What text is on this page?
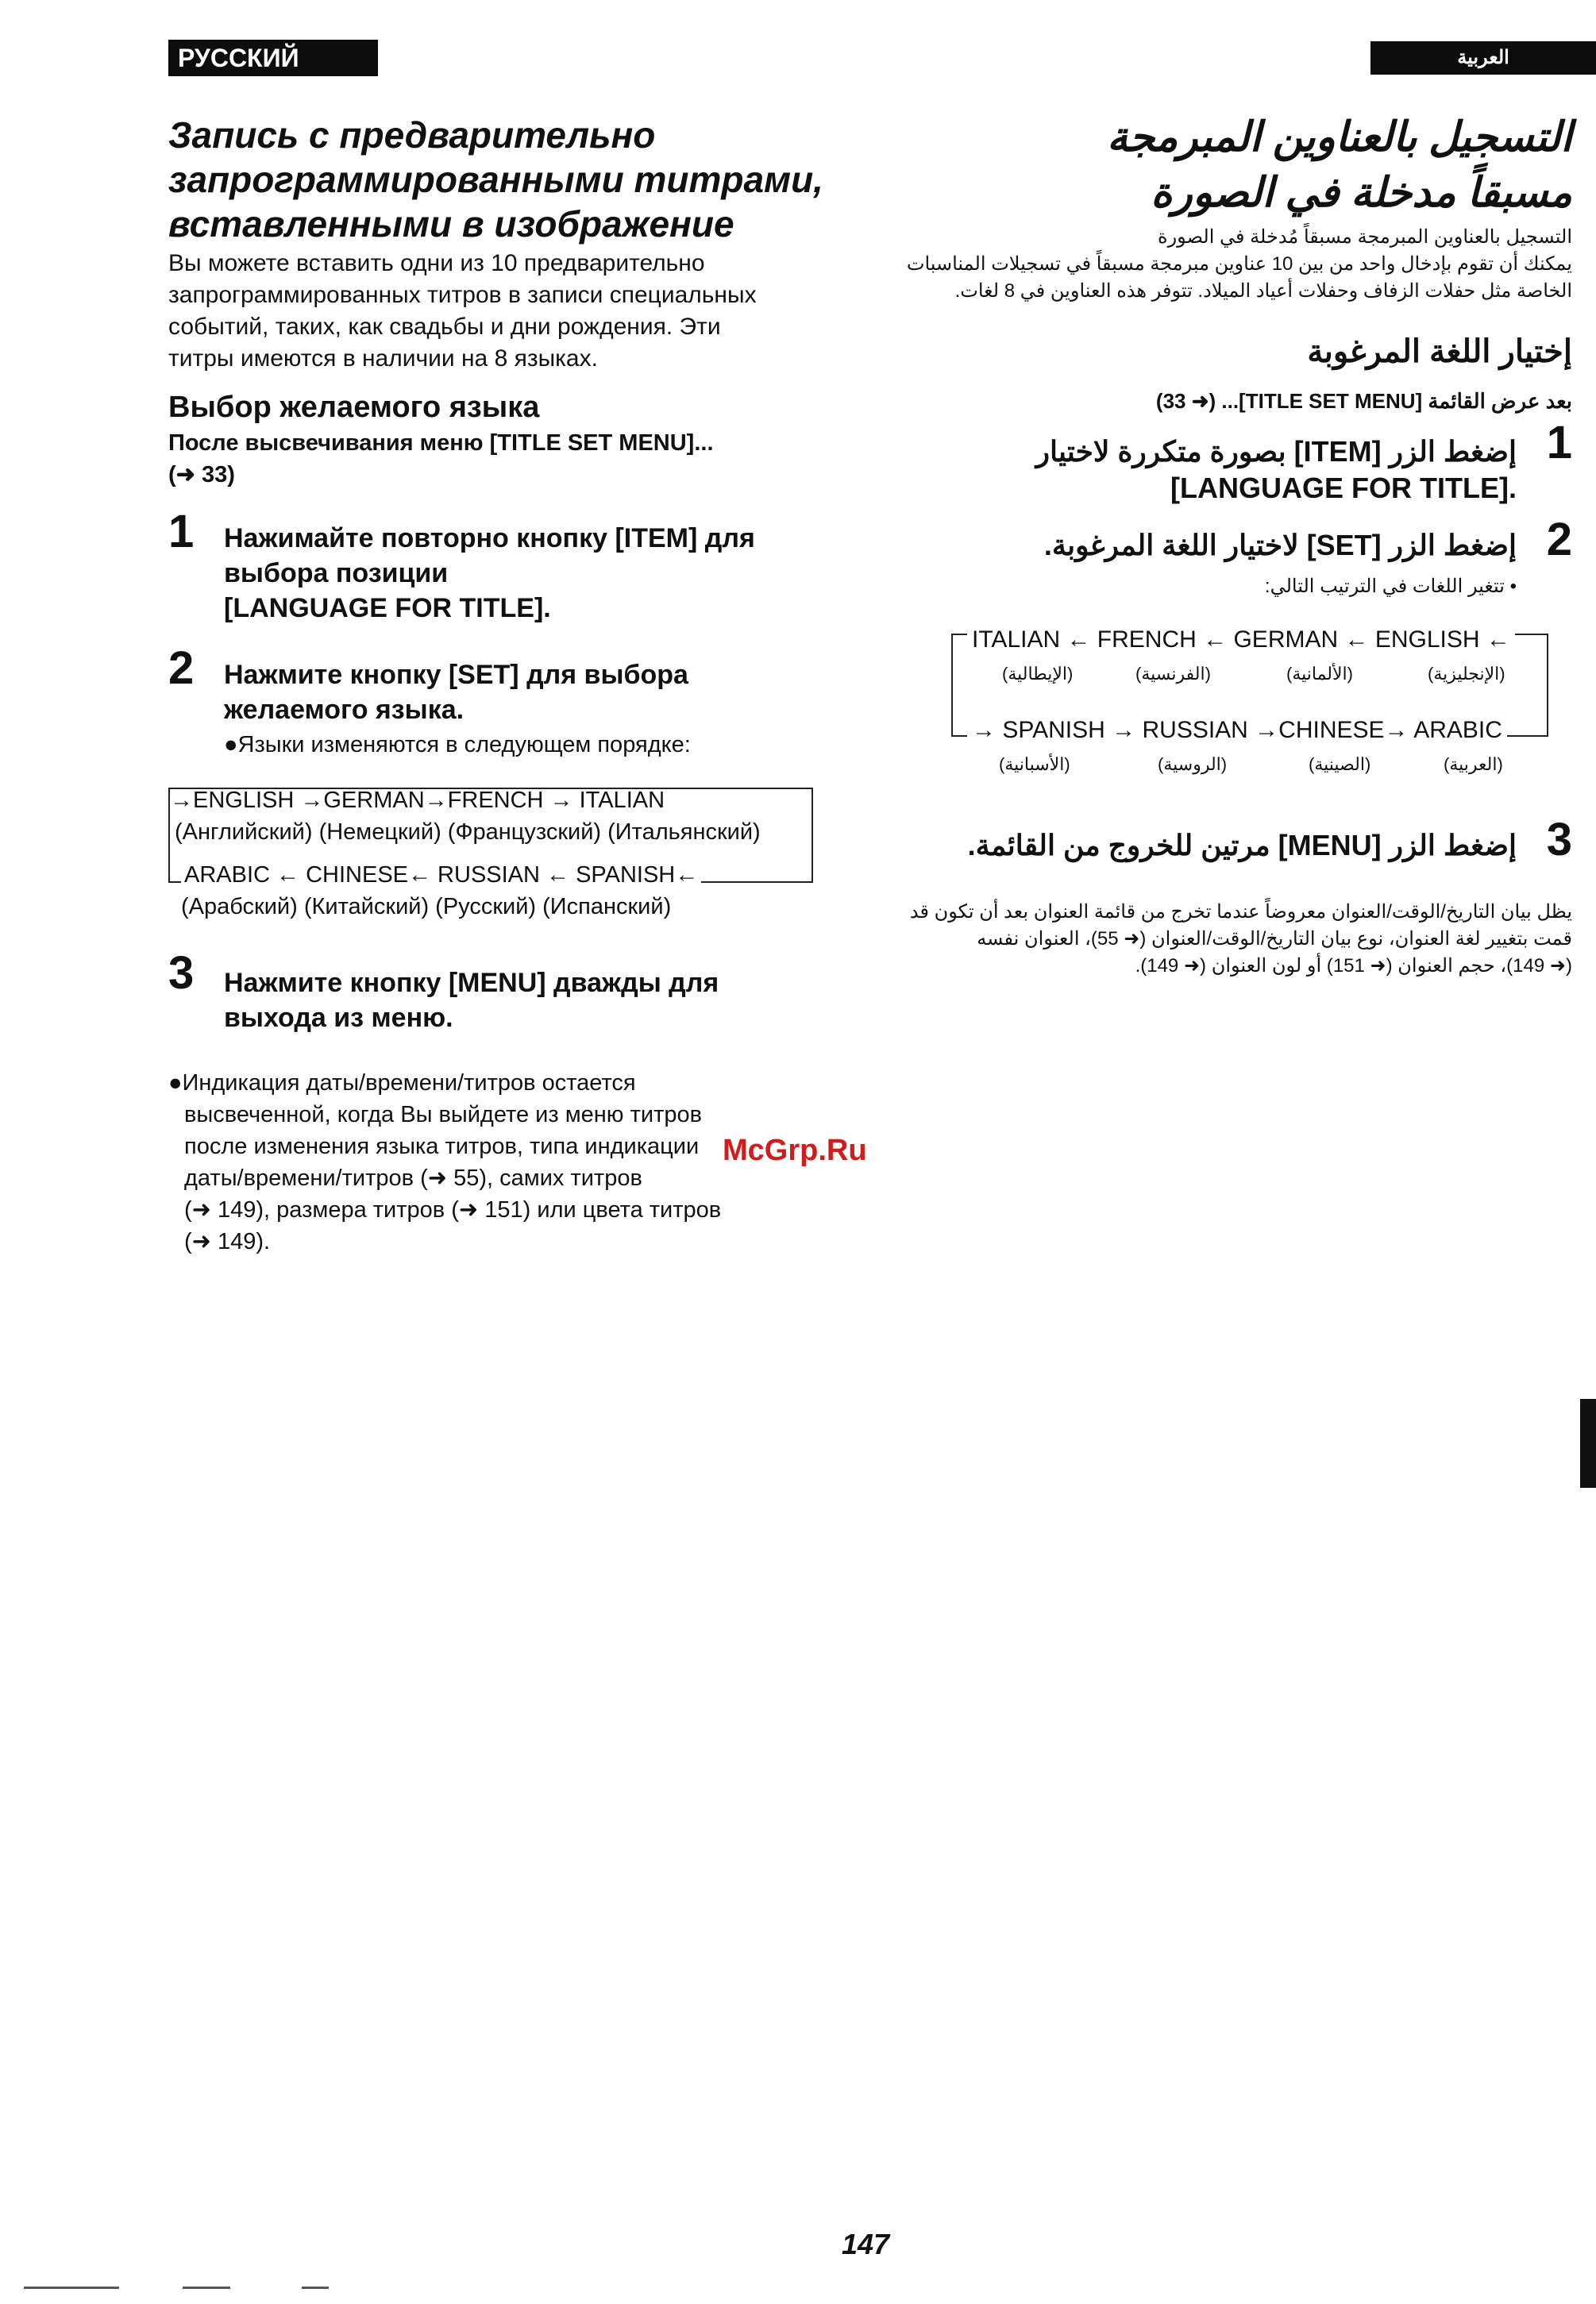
РУССКИЙ ЯЗЫК
Запись с предварительно
запрограммированными титрами,
вставленными в изображение
Вы можете вставить одни из 10 предварительно
запрограммированных титров в записи специальных
событий, таких, как свадьбы и дни рождения. Эти
титры имеются в наличии на 8 языках.
Выбор желаемого языка
После высвечивания меню [TITLE SET MENU]...
(➜ 33)
1 Нажимайте повторно кнопку [ITEM] для
выбора позиции
[LANGUAGE FOR TITLE].
2 Нажмите кнопку [SET] для выбора
желаемого языка.
●Языки изменяются в следующем порядке:
→ENGLISH →GERMAN→FRENCH → ITALIAN
(Английский) (Немецкий) (Французский) (Итальянский)
ARABIC ← CHINESE← RUSSIAN ← SPANISH←
(Арабский) (Китайский) (Русский) (Испанский)
3 Нажмите кнопку [MENU] дважды для
выхода из меню.
●Индикация даты/времени/титров остается
высвеченной, когда Вы выйдете из меню титров
после изменения языка титров, типа индикации
даты/времени/титров (➜ 55), самих титров
(➜ 149), размера титров (➜ 151) или цвета титров
(➜ 149).
العربية
التسجيل بالعناوين المبرمجة
مسبقاً مدخلة في الصورة
التسجيل بالعناوين المبرمجة مسبقاً مُدخلة في الصورة
يمكنك أن تقوم بإدخال واحد من بين 10 عناوين مبرمجة مسبقاً في تسجيلات المناسبات
الخاصة مثل حفلات الزفاف وحفلات أعياد الميلاد. تتوفر هذه العناوين في 8 لغات.
إختيار اللغة المرغوبة
بعد عرض القائمة [TITLE SET MENU]... (➜ 33)
1
إضغط الزر [ITEM] بصورة متكررة لاختيار
.[LANGUAGE FOR TITLE]
2
إضغط الزر [SET] لاختيار اللغة المرغوبة.
• تتغير اللغات في الترتيب التالي:
ITALIAN ← FRENCH ← GERMAN ← ENGLISH ←
(الإيطالية)	(الفرنسية)	(الألمانية)	(الإنجليزية)
→ SPANISH → RUSSIAN →CHINESE→ ARABIC
(الأسبانية)	(الروسية)	(الصينية)	(العربية)
3
إضغط الزر [MENU] مرتين للخروج من القائمة.
يظل بيان التاريخ/الوقت/العنوان معروضاً عندما تخرج من قائمة العنوان بعد أن تكون قد
قمت بتغيير لغة العنوان، نوع بيان التاريخ/الوقت/العنوان (➜ 55)، العنوان نفسه
(➜ 149)، حجم العنوان (➜ 151) أو لون العنوان (➜ 149).
McGrp.Ru
147
